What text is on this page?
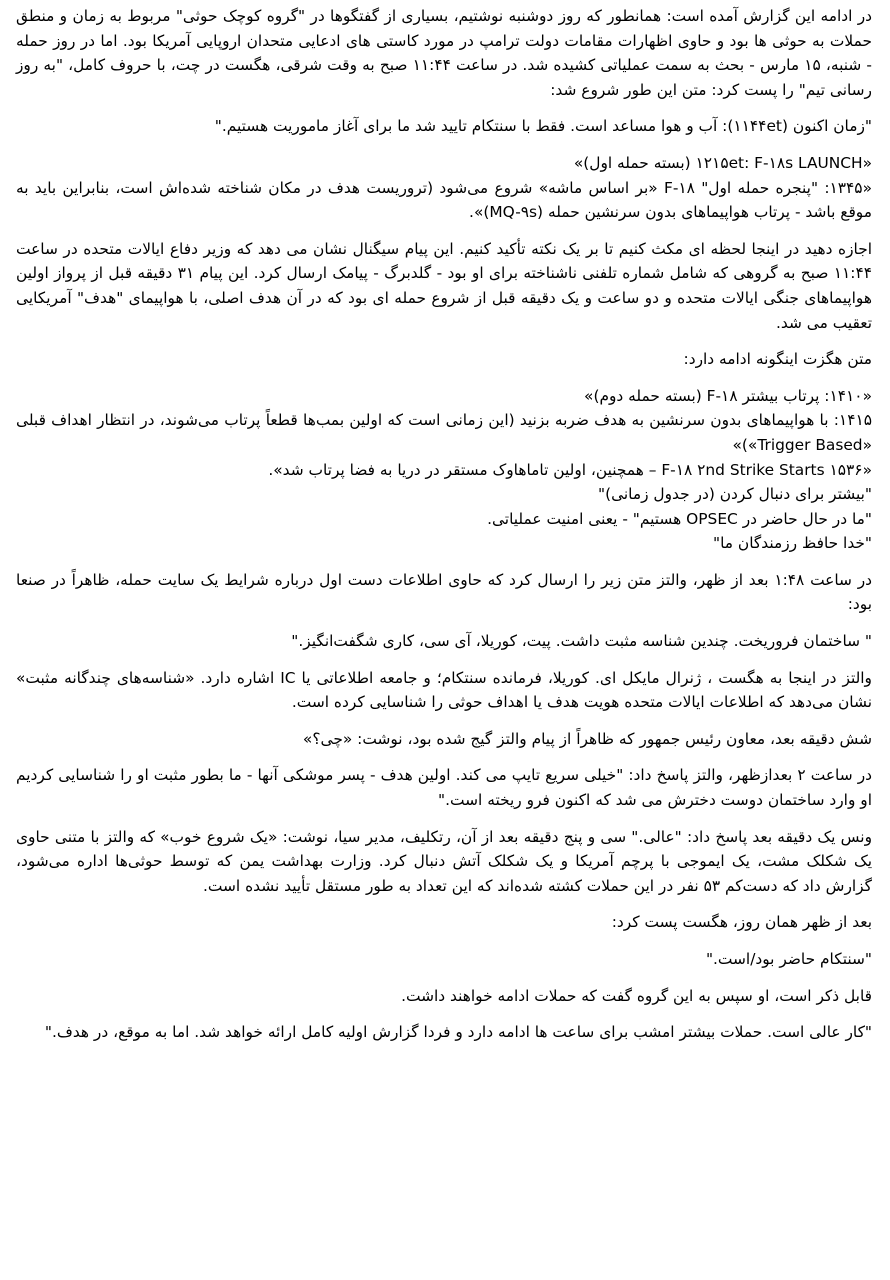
در ادامه این گزارش آمده است: همانطور که روز دوشنبه نوشتیم، بسیاری از گفتگوها در "گروه کوچک حوثی" مربوط به زمان و منطق حملات به حوثی ها بود و حاوی اظهارات مقامات دولت ترامپ در مورد کاستی های ادعایی متحدان اروپایی آمریکا بود. اما در روز حمله - شنبه، ۱۵ مارس - بحث به سمت عملیاتی کشیده شد. در ساعت ۱۱:۴۴ صبح به وقت شرقی، هگست در چت، با حروف کامل، "به روز رسانی تیم" را پست کرد: متن این طور شروع شد:

"زمان اکنون (۱۱۴۴et): آب و هوا مساعد است. فقط با سنتکام تایید شد ما برای آغاز ماموریت هستیم."

«۱۲۱۵et: F-۱۸s LAUNCH (بسته حمله اول)»

«۱۳۴۵: "پنجره حمله اول" F-۱۸ «بر اساس ماشه» شروع می‌شود (تروریست هدف در مکان شناخته شده‌اش است، بنابراین باید به موقع باشد - پرتاب هواپیماهای بدون سرنشین حمله (MQ-۹s)».

اجازه دهید در اینجا لحظه ای مکث کنیم تا بر یک نکته تأکید کنیم. این پیام سیگنال نشان می دهد که وزیر دفاع ایالات متحده در ساعت ۱۱:۴۴ صبح به گروهی که شامل شماره تلفنی ناشناخته برای او بود - گلدبرگ - پیامک ارسال کرد. این پیام ۳۱ دقیقه قبل از پرواز اولین هواپیماهای جنگی ایالات متحده و دو ساعت و یک دقیقه قبل از شروع حمله ای بود که در آن هدف اصلی، با هواپیمای "هدف" آمریکایی تعقیب می شد.

متن هگزت اینگونه ادامه دارد:

«۱۴۱۰: پرتاب بیشتر F-۱۸ (بسته حمله دوم)»

۱۴۱۵: با هواپیماهای بدون سرنشین به هدف ضربه بزنید (این زمانی است که اولین بمب‌ها قطعاً پرتاب می‌شوند، در انتظار اهداف قبلی «Trigger Based»)»

«۱۵۳۶ F-۱۸ ۲nd Strike Starts – همچنین، اولین تاماهاوک مستقر در دریا به فضا پرتاب شد».

"بیشتر برای دنبال کردن (در جدول زمانی)"

"ما در حال حاضر در OPSEC هستیم" - یعنی امنیت عملیاتی.

"خدا حافظ رزمندگان ما"

در ساعت ۱:۴۸ بعد از ظهر، والتز متن زیر را ارسال کرد که حاوی اطلاعات دست اول درباره شرایط یک سایت حمله، ظاهراً در صنعا بود:

" ساختمان فروریخت. چندین شناسه مثبت داشت. پیت، کوریلا، آی سی، کاری شگفت‌انگیز."

والتز در اینجا به هگست ، ژنرال مایکل ای. کوریلا، فرمانده سنتکام؛ و جامعه اطلاعاتی یا IC اشاره دارد. «شناسه‌های چندگانه مثبت» نشان می‌دهد که اطلاعات ایالات متحده هویت هدف یا اهداف حوثی را شناسایی کرده است.

شش دقیقه بعد، معاون رئیس جمهور که ظاهراً از پیام والتز گیج شده بود، نوشت: «چی؟»

در ساعت ۲ بعدازظهر، والتز پاسخ داد: "خیلی سریع تایپ می کند. اولین هدف - پسر موشکی آنها - ما بطور مثبت او را شناسایی کردیم او وارد ساختمان دوست دخترش می شد که اکنون فرو ریخته است."

ونس یک دقیقه بعد پاسخ داد: "عالی." سی و پنج دقیقه بعد از آن، رتکلیف، مدیر سیا، نوشت: «یک شروع خوب» که والتز با متنی حاوی یک شکلک مشت، یک ایموجی با پرچم آمریکا و یک شکلک آتش دنبال کرد. وزارت بهداشت یمن که توسط حوثی‌ها اداره می‌شود، گزارش داد که دست‌کم ۵۳ نفر در این حملات کشته شده‌اند که این تعداد به طور مستقل تأیید نشده است.

بعد از ظهر همان روز، هگست پست کرد:

"سنتکام حاضر بود/است."

قابل ذکر است، او سپس به این گروه گفت که حملات ادامه خواهند داشت.

"کار عالی است. حملات بیشتر امشب برای ساعت ها ادامه دارد و فردا گزارش اولیه کامل ارائه خواهد شد. اما به موقع، در هدف."
